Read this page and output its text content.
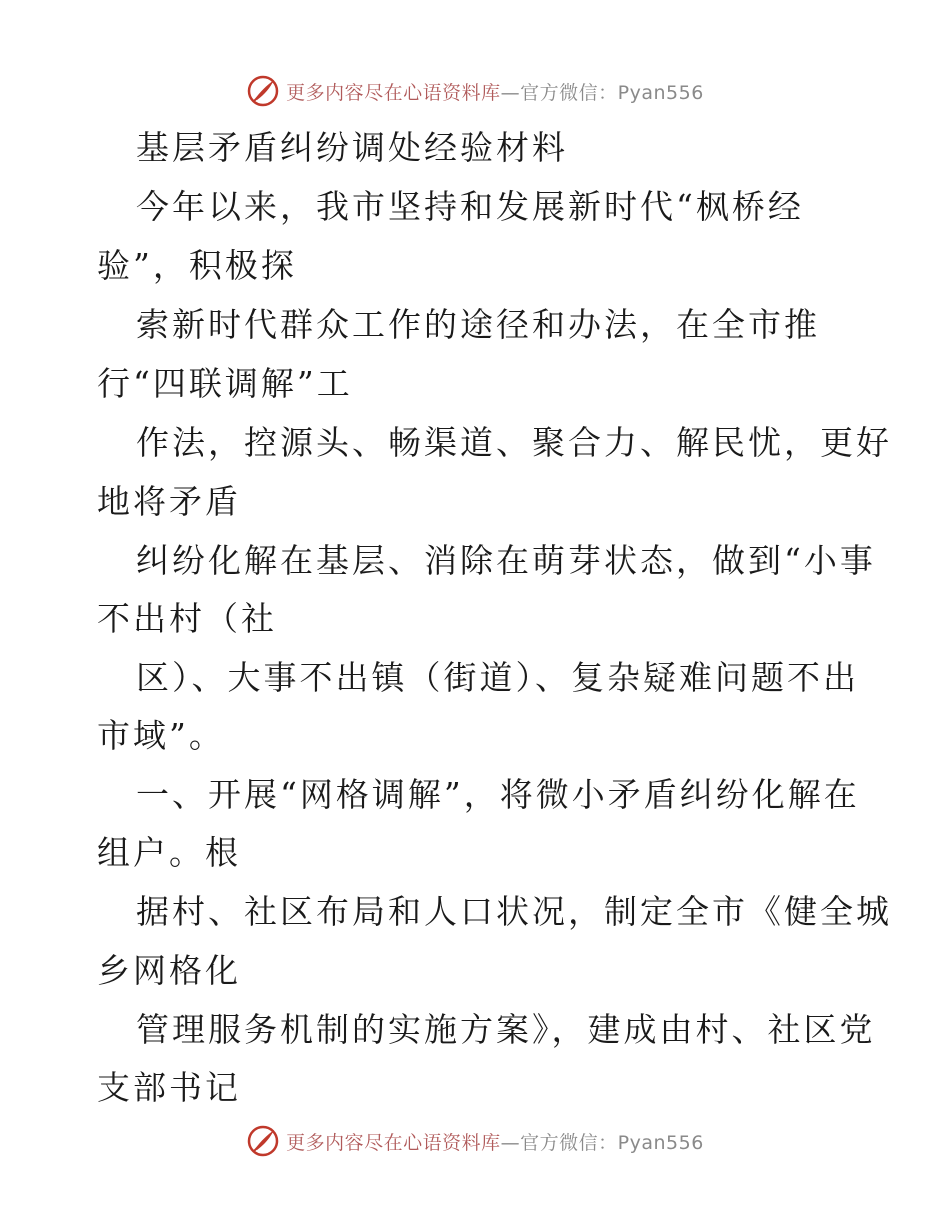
更多内容尽在心语资料库—官方微信：Pyan556
基层矛盾纠纷调处经验材料
今年以来，我市坚持和发展新时代“枫桥经
验”，积极探
索新时代群众工作的途径和办法，在全市推
行“四联调解”工
作法，控源头、畅渠道、聚合力、解民忧，更好
地将矛盾
纠纷化解在基层、消除在萌芽状态，做到“小事
不出村（社
区）、大事不出镇（街道）、复杂疑难问题不出
市域”。
一、开展“网格调解”，将微小矛盾纠纷化解在
组户。根
据村、社区布局和人口状况，制定全市《健全城
乡网格化
管理服务机制的实施方案》，建成由村、社区党
支部书记
更多内容尽在心语资料库—官方微信：Pyan556
